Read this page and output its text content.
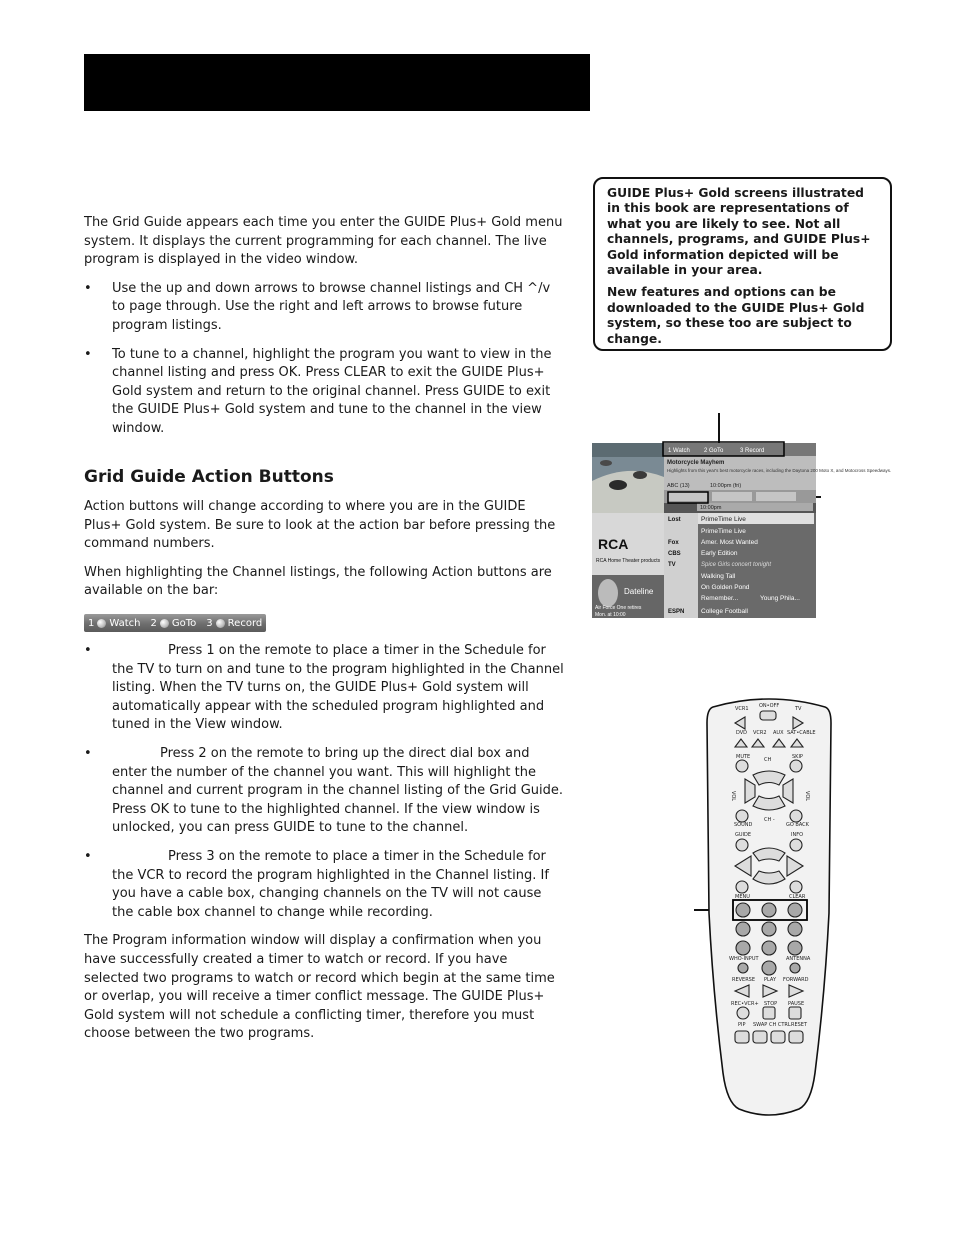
The Grid Guide appears each time you enter the GUIDE Plus+ Gold menu system. It displays the current programming for each channel. The live program is displayed in the video window.

• Use the up and down arrows to browse channel listings and CH ^/v to page through. Use the right and left arrows to browse future program listings.
• To tune to a channel, highlight the program you want to view in the channel listing and press OK. Press CLEAR to exit the GUIDE Plus+ Gold system and return to the original channel. Press GUIDE to exit the GUIDE Plus+ Gold system and tune to the channel in the view window.
Grid Guide Action Buttons

Action buttons will change according to where you are in the GUIDE Plus+ Gold system. Be sure to look at the action bar before pressing the command numbers.

When highlighting the Channel listings, the following Action buttons are available on the bar:

1 Watch 2 GoTo 3 Record
•	Press 1 on the remote to place a timer in the Schedule for the TV to turn on and tune to the program highlighted in the Channel listing. When the TV turns on, the GUIDE Plus+ Gold system will automatically appear with the scheduled program highlighted and tuned in the View window.
•	Press 2 on the remote to bring up the direct dial box and enter the number of the channel you want. This will highlight the channel and current program in the channel listing of the Grid Guide. Press OK to tune to the highlighted channel. If the view window is unlocked, you can press GUIDE to tune to the channel.
•	Press 3 on the remote to place a timer in the Schedule for the VCR to record the program highlighted in the Channel listing. If you have a cable box, changing channels on the TV will not cause the cable box channel to change while recording.

The Program information window will display a confirmation when you have successfully created a timer to watch or record. If you have selected two programs to watch or record which begin at the same time or overlap, you will receive a timer conflict message. The GUIDE Plus+ Gold system will not schedule a conflicting timer, therefore you must choose between the two programs.

GUIDE Plus+ Gold screens illustrated in this book are representations of what you are likely to see. Not all channels, programs, and GUIDE Plus+ Gold information depicted will be available in your area.

New features and options can be downloaded to the GUIDE Plus+ Gold system, so these too are subject to change.

RCA
RCA Home Theater products
Dateline
Air Force One retires
Mon. at 10:00
1 Watch 2 GoTo	3 Record
Motorcycle Mayhem
Highlights from this year's best motorcycle races, including the Daytona 200 Moto X, and Motocross Speedways.
ABC (13)	10:00pm (fri)
10:00pm
Lost	PrimeTime Live
PrimeTime Live
Fox	Amer. Most Wanted
CBS	Early Edition
TV	Spice Girls concert tonight
Walking Tall
On Golden Pond
Remember...	Young Phila...
ESPN	College Football
VCR1 ON•OFF	TV
DVD VCR2 AUX SAT•CABLE
MUTE	CH	SKIP
SOUND
CH -
GO BACK
GUIDE	INFO
MENU	CLEAR
WHO-INPUT	ANTENNA
REVERSE PLAY FORWARD
REC•VCR+ STOP PAUSE
PIP SWAP CH CTRL RESET
VOL	VOL
